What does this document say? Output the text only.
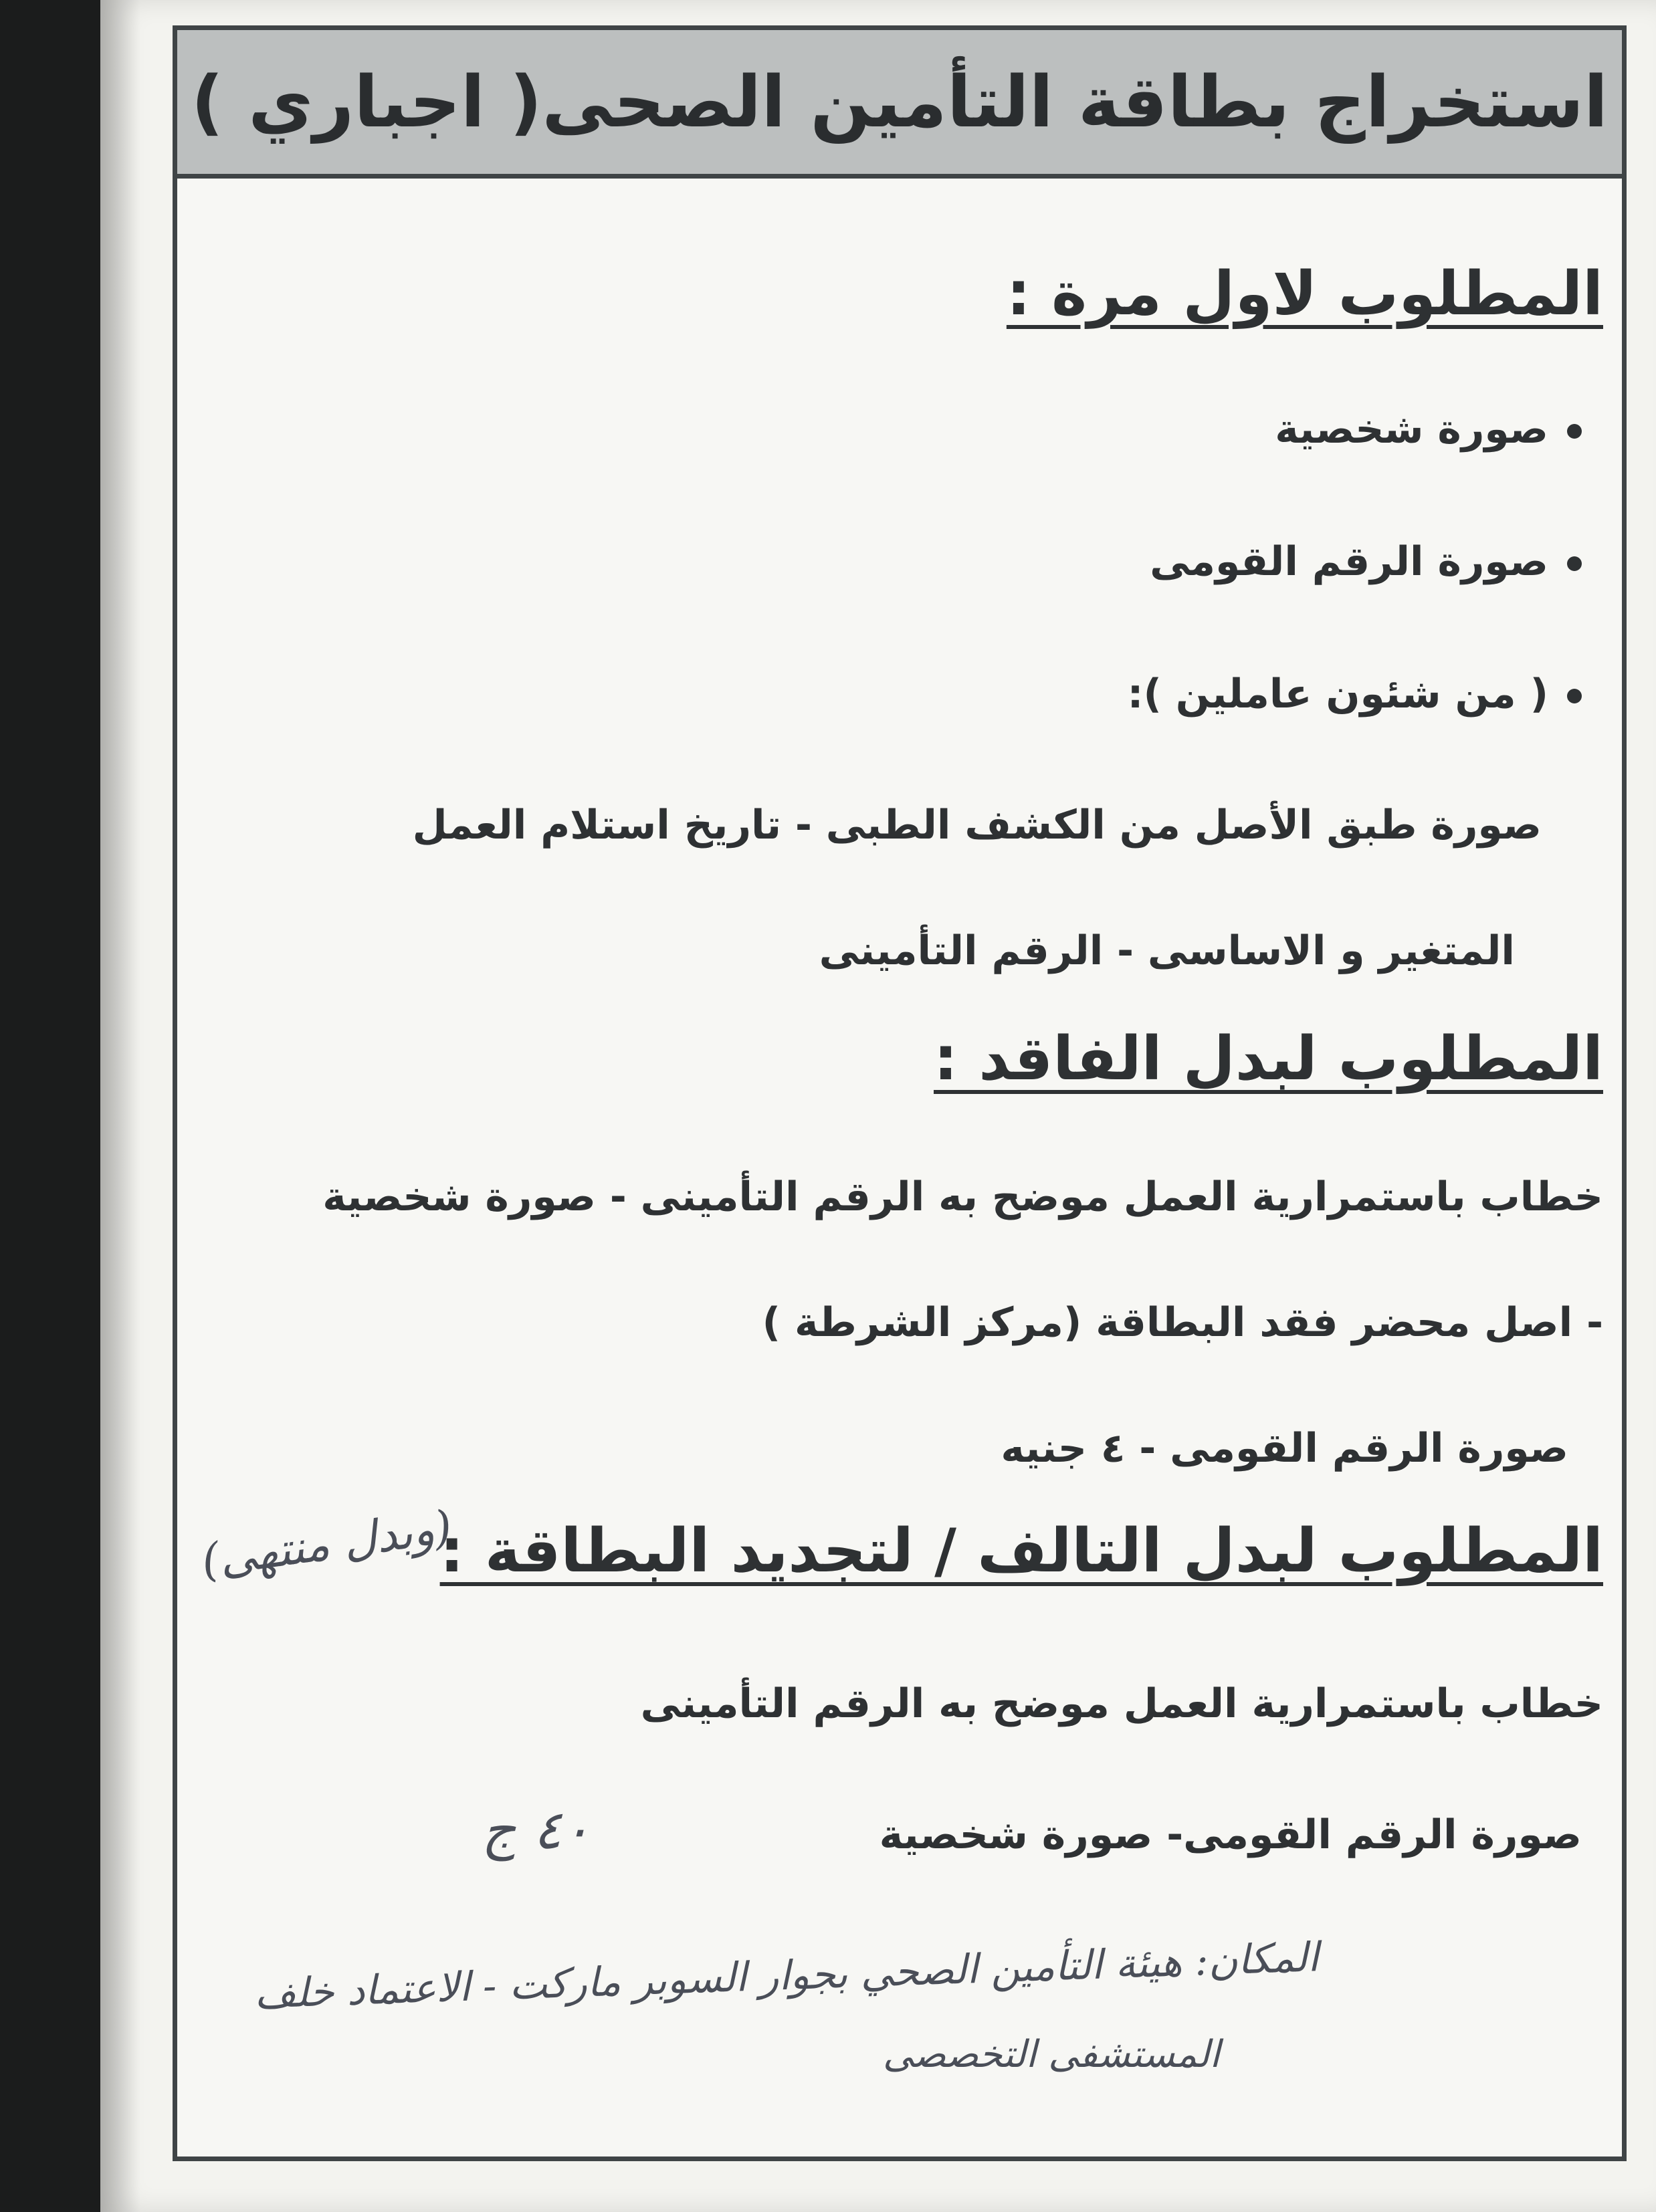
استخراج بطاقة التأمين الصحى( اجباري )
المطلوب لاول مرة :
صورة شخصية
صورة الرقم القومى
( من شئون عاملين ):
صورة طبق الأصل من الكشف الطبى - تاريخ استلام العمل
المتغير و الاساسى - الرقم التأمينى
المطلوب لبدل الفاقد :
خطاب باستمرارية العمل موضح به الرقم التأمينى - صورة شخصية
- اصل محضر فقد البطاقة (مركز الشرطة )
صورة الرقم القومى - ٤ جنيه
المطلوب لبدل التالف / لتجديد البطاقة :
خطاب باستمرارية العمل موضح به الرقم التأمينى
صورة الرقم القومى- صورة شخصية
(وبدل منتهى)
٤٠ ج
المكان: هيئة التأمين الصحي بجوار السوبر ماركت - الاعتماد خلف
المستشفى التخصصى
